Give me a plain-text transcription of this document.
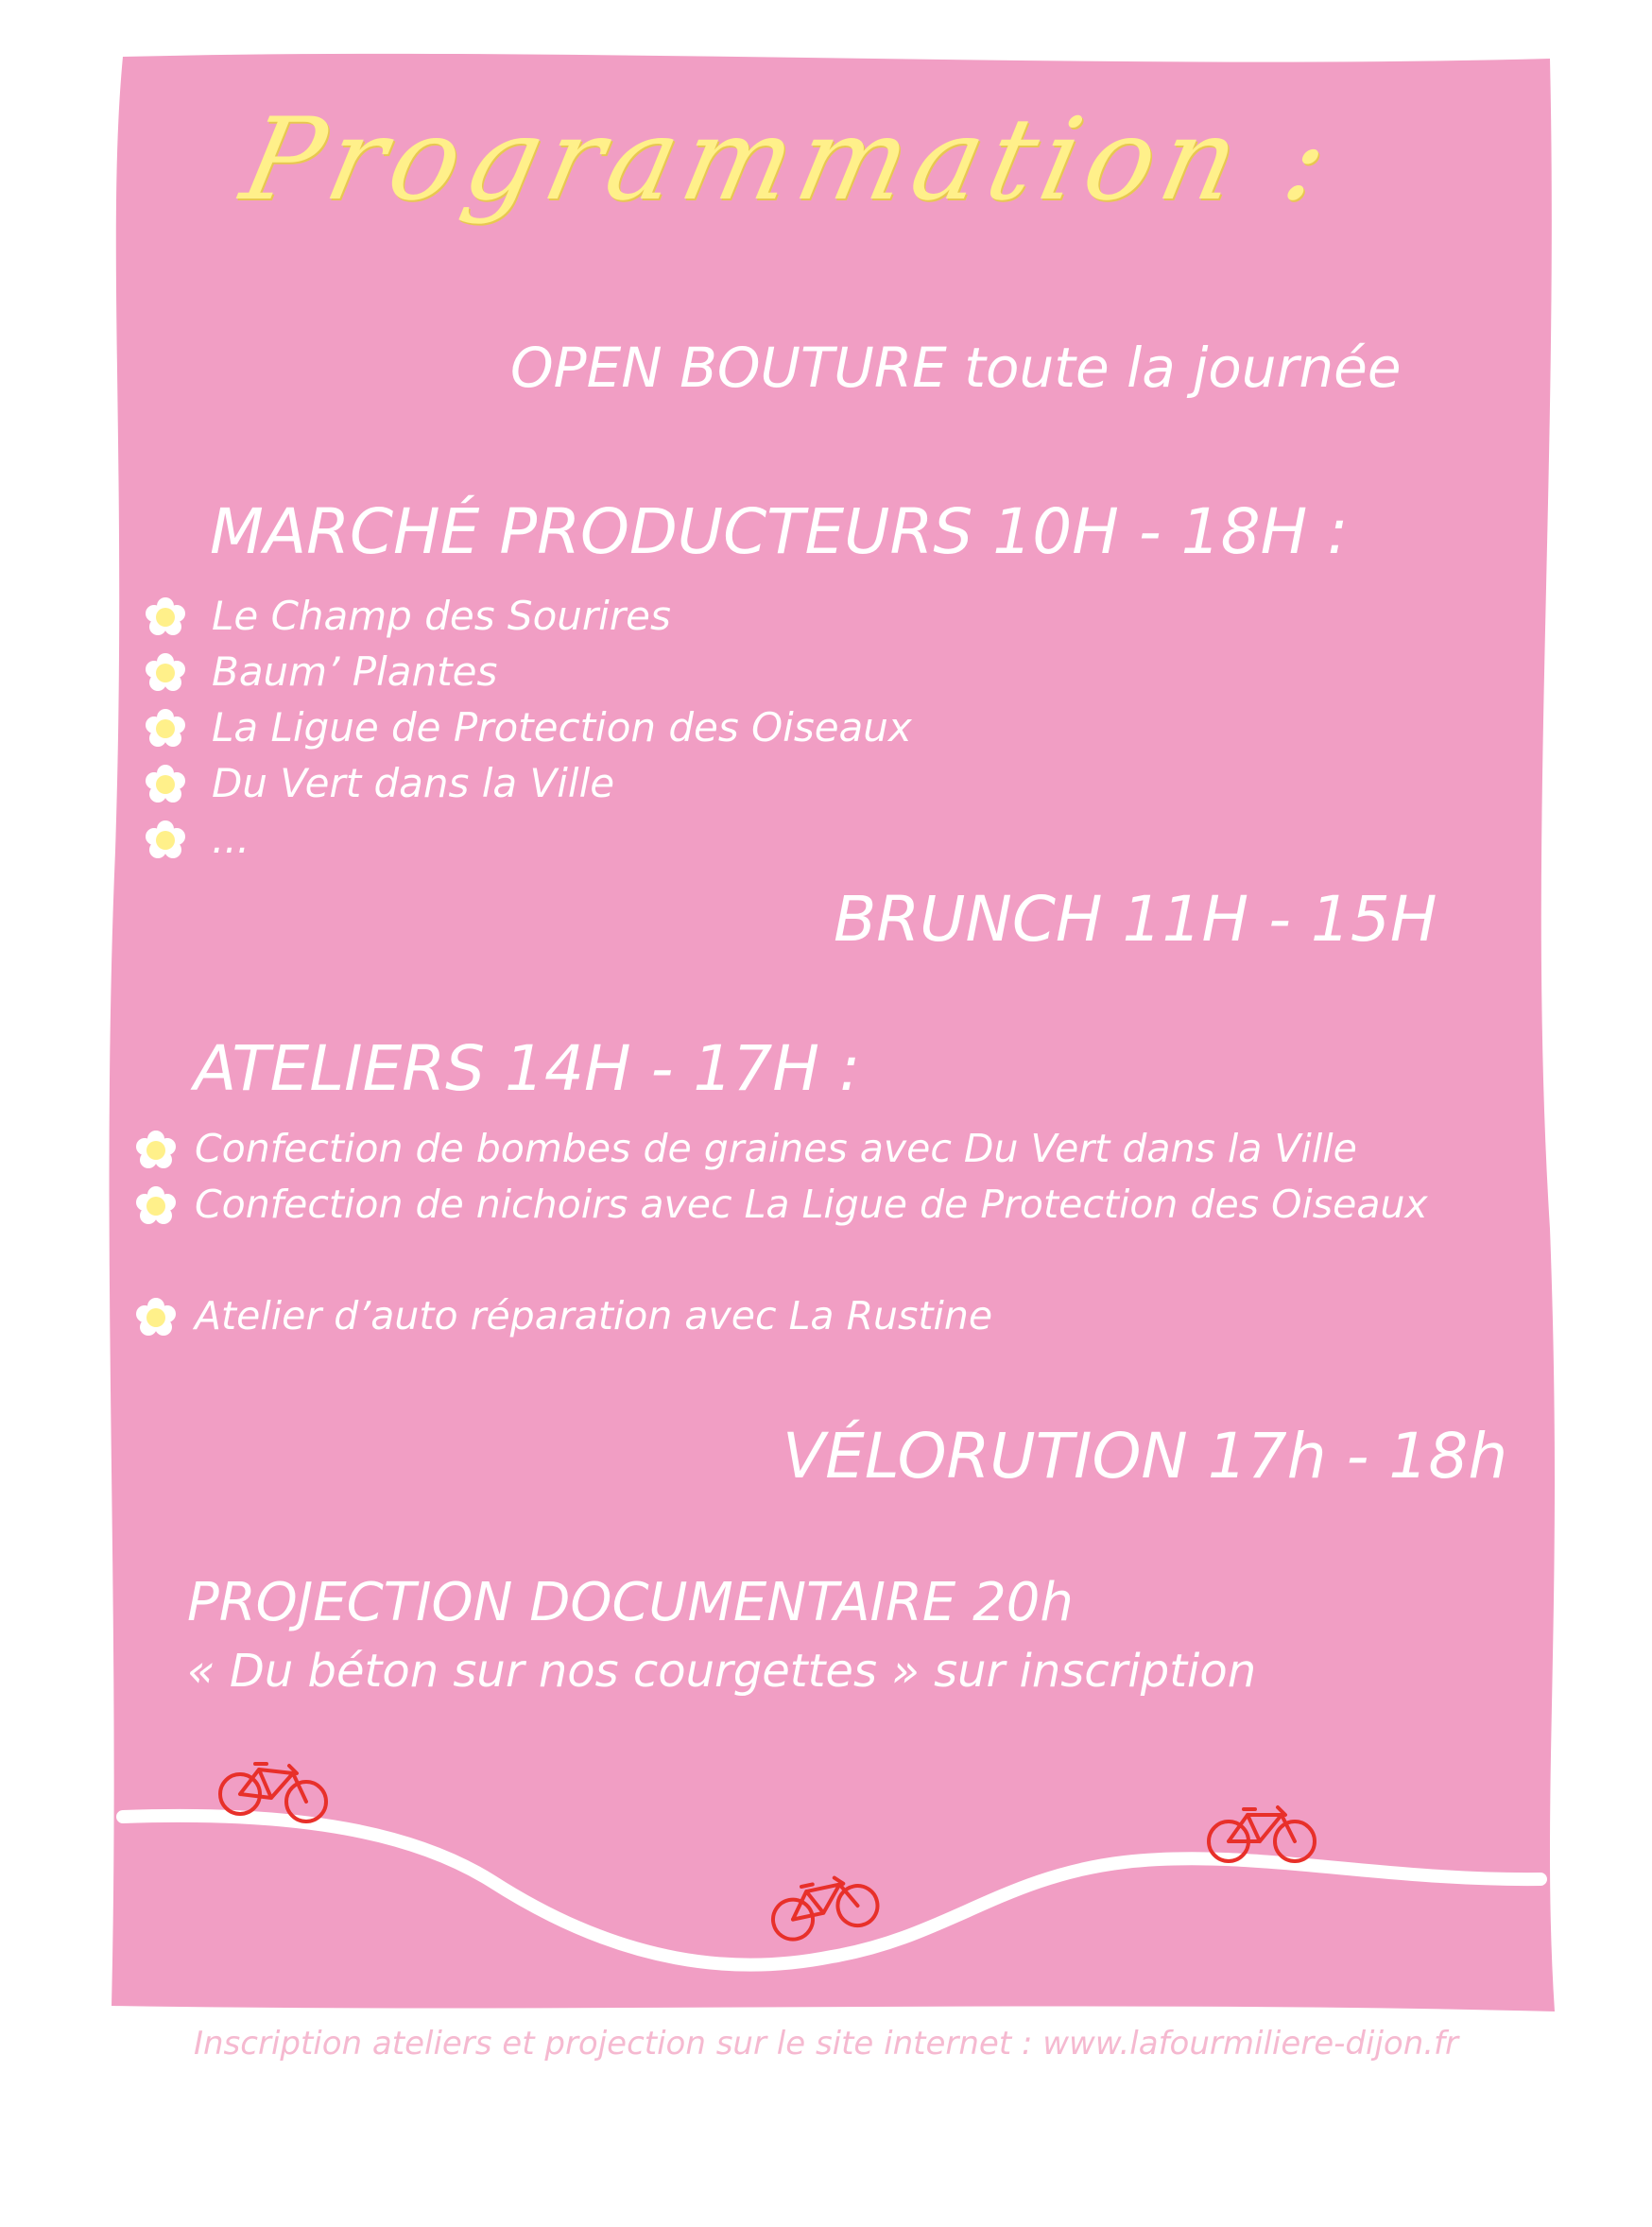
Programmation :
OPEN BOUTURE toute la journée
MARCHÉ PRODUCTEURS 10H - 18H :
Le Champ des Sourires
Baum’ Plantes
La Ligue de Protection des Oiseaux
Du Vert dans la Ville
...
BRUNCH 11H - 15H
ATELIERS 14H - 17H :
Confection de bombes de graines avec Du Vert dans la Ville
Confection de nichoirs avec La Ligue de Protection des Oiseaux
Atelier d’auto réparation avec La Rustine
VÉLORUTION 17h - 18h
PROJECTION DOCUMENTAIRE 20h
« Du béton sur nos courgettes » sur inscription
Inscription ateliers et projection sur le site internet : www.lafourmiliere-dijon.fr
